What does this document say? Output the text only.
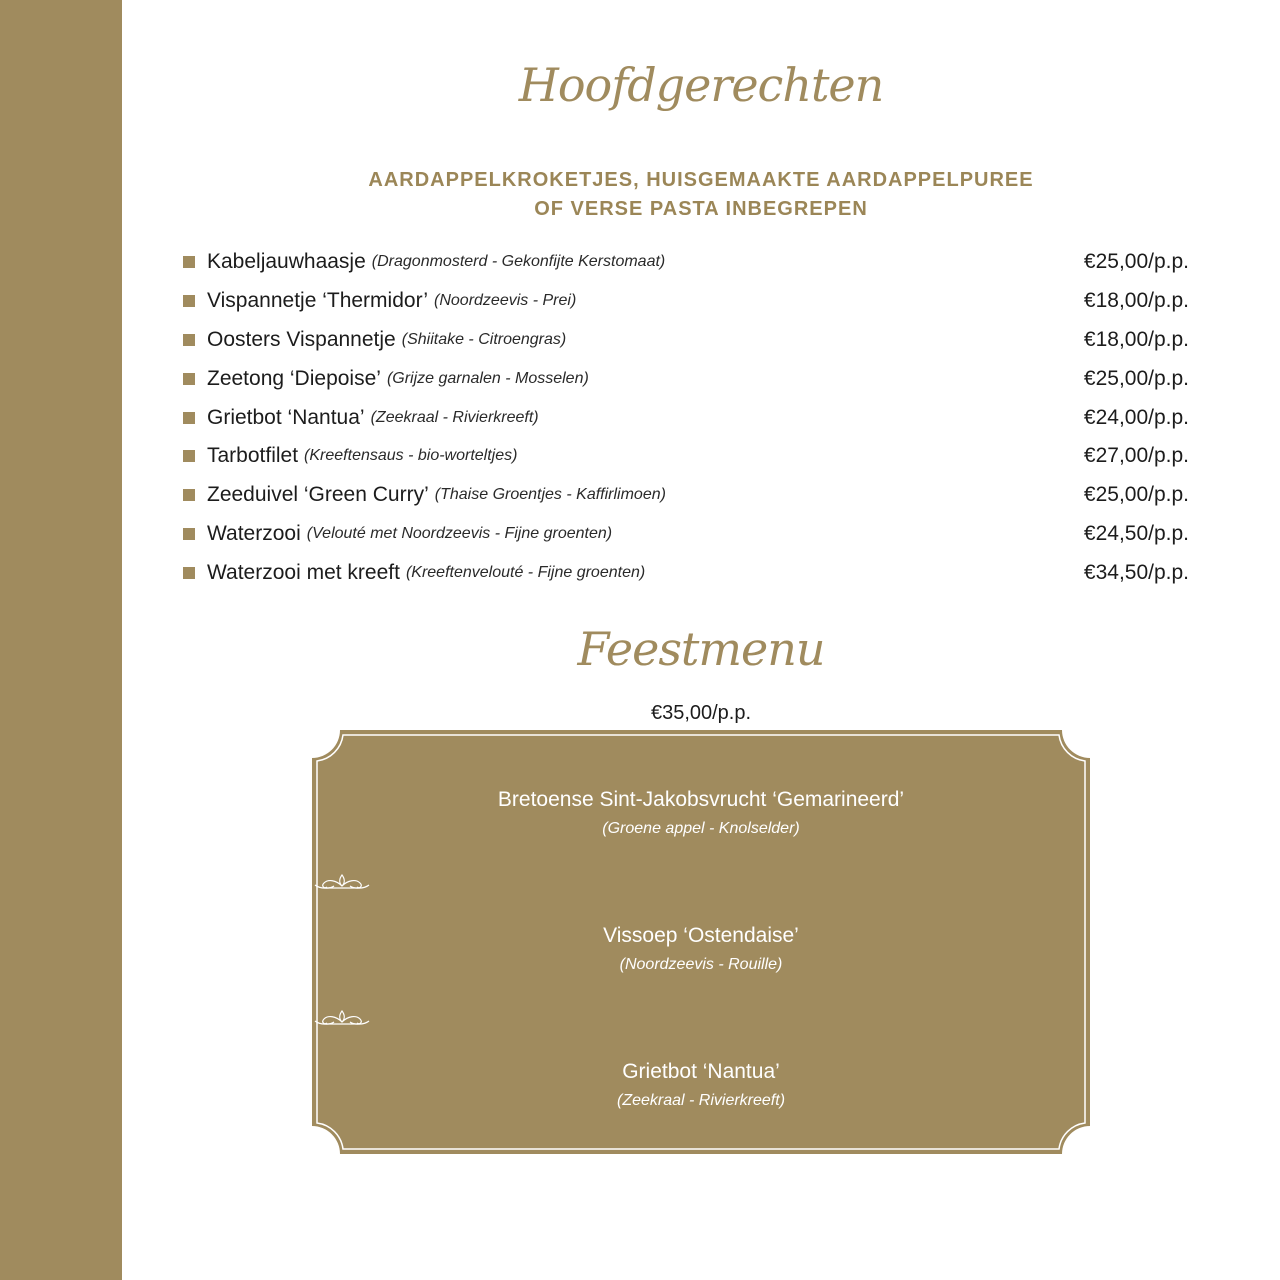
Hoofdgerechten
AARDAPPELKROKETJES, HUISGEMAAKTE AARDAPPELPUREE
OF VERSE PASTA INBEGREPEN
Kabeljauwhaasje (Dragonmosterd - Gekonfijte Kerstomaat)	€25,00/p.p.
Vispannetje ‘Thermidor’ (Noordzeevis - Prei)	€18,00/p.p.
Oosters Vispannetje (Shiitake - Citroengras)	€18,00/p.p.
Zeetong ‘Diepoise’ (Grijze garnalen - Mosselen)	€25,00/p.p.
Grietbot ‘Nantua’ (Zeekraal - Rivierkreeft)	€24,00/p.p.
Tarbotfilet (Kreeftensaus - bio-worteltjes)	€27,00/p.p.
Zeeduivel ‘Green Curry’ (Thaise Groentjes - Kaffirlimoen)	€25,00/p.p.
Waterzooi (Velouté met Noordzeevis - Fijne groenten)	€24,50/p.p.
Waterzooi met kreeft (Kreeftenvelouté - Fijne groenten)	€34,50/p.p.
Feestmenu
€35,00/p.p.
Bretoense Sint-Jakobsvrucht ‘Gemarineerd’
(Groene appel - Knolselder)
Vissoep ‘Ostendaise’
(Noordzeevis - Rouille)
Grietbot ‘Nantua’
(Zeekraal - Rivierkreeft)
